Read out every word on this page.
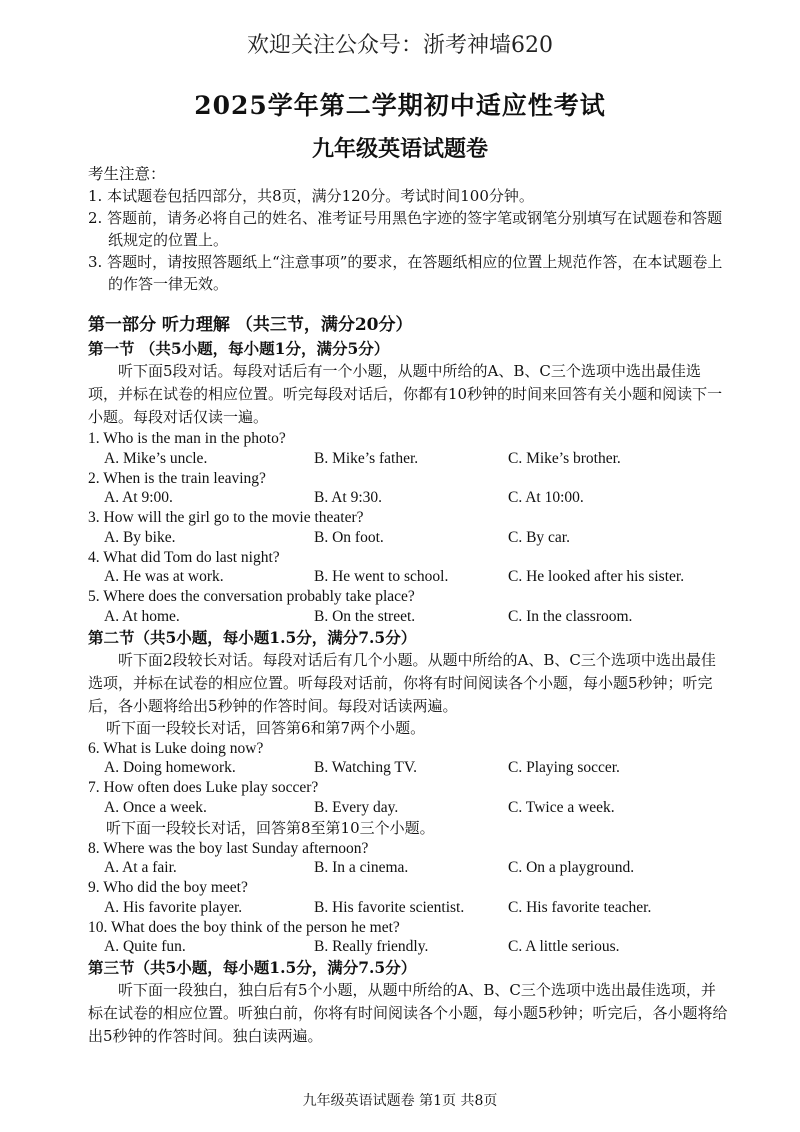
欢迎关注公众号：浙考神墙620
2025学年第二学期初中适应性考试
九年级英语试题卷
考生注意：
1. 本试题卷包括四部分，共8页，满分120分。考试时间100分钟。
2. 答题前，请务必将自己的姓名、准考证号用黑色字迹的签字笔或钢笔分别填写在试题卷和答题纸规定的位置上。
3. 答题时，请按照答题纸上“注意事项”的要求，在答题纸相应的位置上规范作答，在本试题卷上的作答一律无效。
第一部分 听力理解 （共三节，满分20分）
第一节 （共5小题，每小题1分，满分5分）
听下面5段对话。每段对话后有一个小题，从题中所给的A、B、C三个选项中选出最佳选项，并标在试卷的相应位置。听完每段对话后，你都有10秒钟的时间来回答有关小题和阅读下一小题。每段对话仅读一遍。
1. Who is the man in the photo?
A. Mike’s uncle.	B. Mike’s father.	C. Mike’s brother.
2. When is the train leaving?
A. At 9:00.	B. At 9:30.	C. At 10:00.
3. How will the girl go to the movie theater?
A. By bike.	B. On foot.	C. By car.
4. What did Tom do last night?
A. He was at work.	B. He went to school.	C. He looked after his sister.
5. Where does the conversation probably take place?
A. At home.	B. On the street.	C. In the classroom.
第二节（共5小题，每小题1.5分，满分7.5分）
听下面2段较长对话。每段对话后有几个小题。从题中所给的A、B、C三个选项中选出最佳选项，并标在试卷的相应位置。听每段对话前，你将有时间阅读各个小题，每小题5秒钟；听完后，各小题将给出5秒钟的作答时间。每段对话读两遍。
听下面一段较长对话，回答第6和第7两个小题。
6. What is Luke doing now?
A. Doing homework.	B. Watching TV.	C. Playing soccer.
7. How often does Luke play soccer?
A. Once a week.	B. Every day.	C. Twice a week.
听下面一段较长对话，回答第8至第10三个小题。
8. Where was the boy last Sunday afternoon?
A. At a fair.	B. In a cinema.	C. On a playground.
9. Who did the boy meet?
A. His favorite player.	B. His favorite scientist.	C. His favorite teacher.
10. What does the boy think of the person he met?
A. Quite fun.	B. Really friendly.	C. A little serious.
第三节（共5小题，每小题1.5分，满分7.5分）
听下面一段独白，独白后有5个小题，从题中所给的A、B、C三个选项中选出最佳选项，并标在试卷的相应位置。听独白前，你将有时间阅读各个小题，每小题5秒钟；听完后，各小题将给出5秒钟的作答时间。独白读两遍。
九年级英语试题卷 第1页 共8页
